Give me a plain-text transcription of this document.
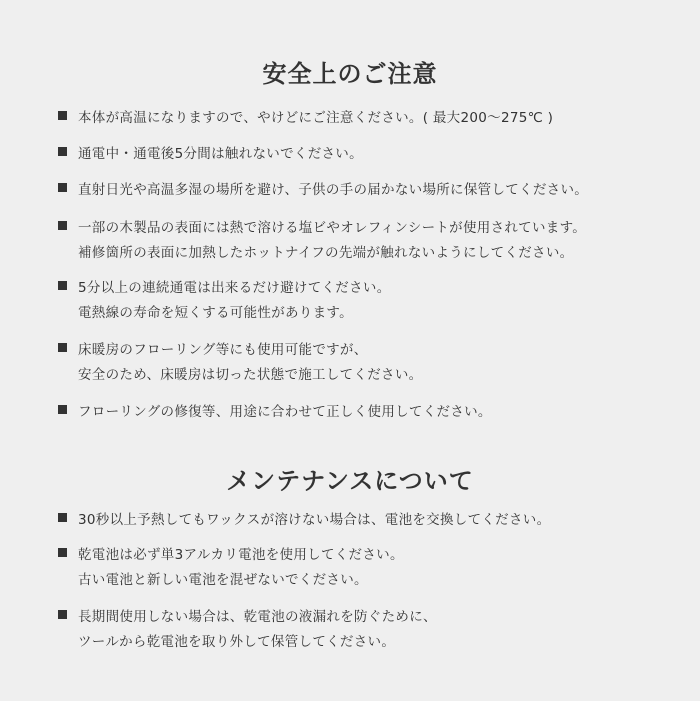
安全上のご注意
本体が高温になりますので、やけどにご注意ください。( 最大200～275℃ )
通電中・通電後5分間は触れないでください。
直射日光や高温多湿の場所を避け、子供の手の届かない場所に保管してください。
一部の木製品の表面には熱で溶ける塩ビやオレフィンシートが使用されています。
補修箇所の表面に加熱したホットナイフの先端が触れないようにしてください。
5分以上の連続通電は出来るだけ避けてください。
電熱線の寿命を短くする可能性があります。
床暖房のフローリング等にも使用可能ですが、
安全のため、床暖房は切った状態で施工してください。
フローリングの修復等、用途に合わせて正しく使用してください。
メンテナンスについて
30秒以上予熱してもワックスが溶けない場合は、電池を交換してください。
乾電池は必ず単3アルカリ電池を使用してください。
古い電池と新しい電池を混ぜないでください。
長期間使用しない場合は、乾電池の液漏れを防ぐために、
ツールから乾電池を取り外して保管してください。
